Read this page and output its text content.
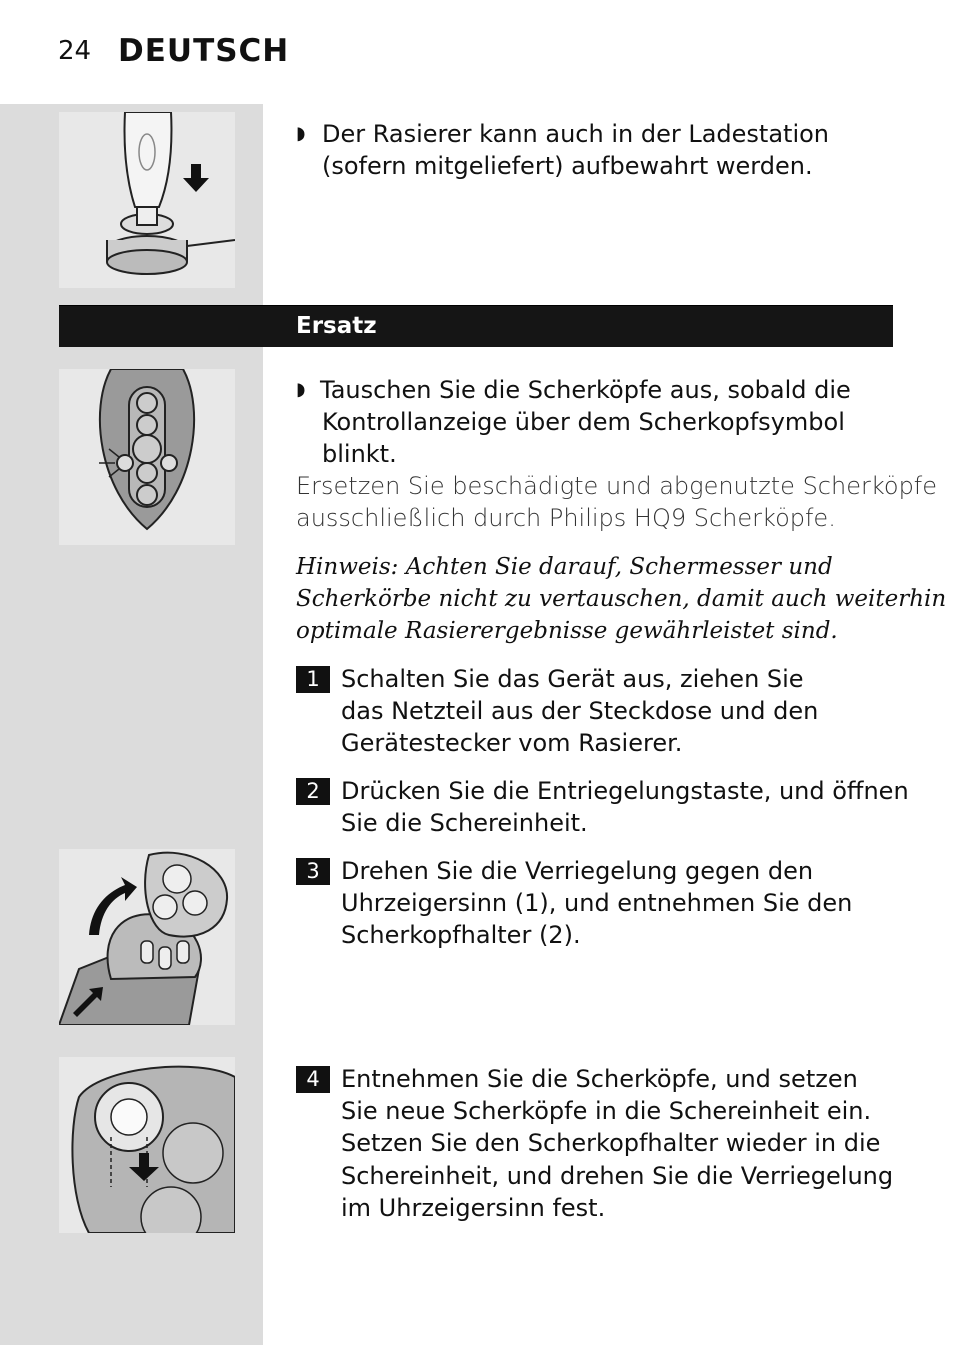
24 DEUTSCH
◗ Der Rasierer kann auch in der Ladestation
(sofern mitgeliefert) aufbewahrt werden.
Ersatz
◗ Tauschen Sie die Scherköpfe aus, sobald die
Kontrollanzeige über dem Scherkopfsymbol
blinkt.
Ersetzen Sie beschädigte und abgenutzte Scherköpfe
ausschließlich durch Philips HQ9 Scherköpfe.
Hinweis: Achten Sie darauf, Schermesser und
Scherkörbe nicht zu vertauschen, damit auch weiterhin
optimale Rasierergebnisse gewährleistet sind.
1 Schalten Sie das Gerät aus, ziehen Sie
das Netzteil aus der Steckdose und den
Gerätestecker vom Rasierer.
2 Drücken Sie die Entriegelungstaste, und öffnen
Sie die Schereinheit.
3 Drehen Sie die Verriegelung gegen den
Uhrzeigersinn (1), und entnehmen Sie den
Scherkopfhalter (2).
4 Entnehmen Sie die Scherköpfe, und setzen
Sie neue Scherköpfe in die Schereinheit ein.
Setzen Sie den Scherkopfhalter wieder in die
Schereinheit, und drehen Sie die Verriegelung
im Uhrzeigersinn fest.
